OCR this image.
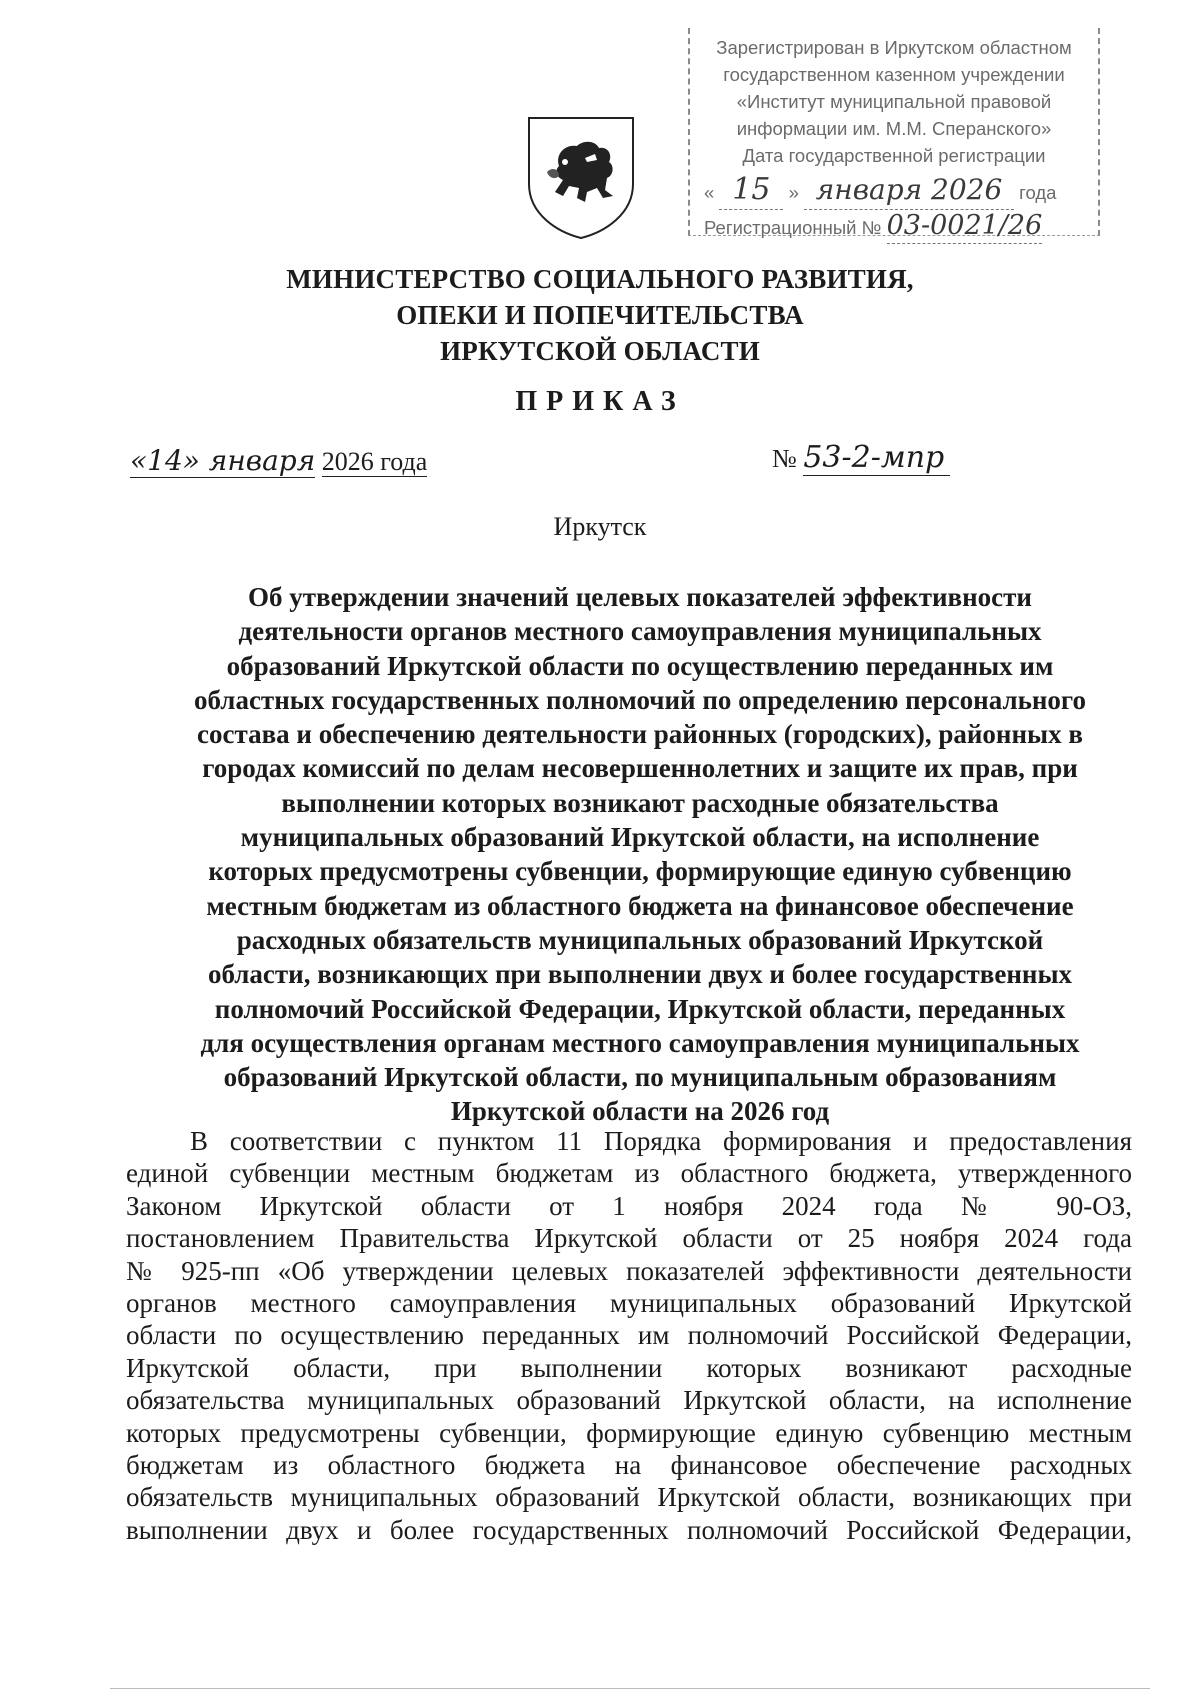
Зарегистрирован в Иркутском областном
государственном казенном учреждении
«Институт муниципальной правовой
информации им. М.М. Сперанского»
Дата государственной регистрации
« 15 » января 2026 года
Регистрационный № 03-0021/26
МИНИСТЕРСТВО СОЦИАЛЬНОГО РАЗВИТИЯ,
ОПЕКИ И ПОПЕЧИТЕЛЬСТВА
ИРКУТСКОЙ ОБЛАСТИ
ПРИКАЗ
«14» января 2026 года	№ 53-2-мпр
Иркутск
Об утверждении значений целевых показателей эффективности
деятельности органов местного самоуправления муниципальных
образований Иркутской области по осуществлению переданных им
областных государственных полномочий по определению персонального
состава и обеспечению деятельности районных (городских), районных в
городах комиссий по делам несовершеннолетних и защите их прав, при
выполнении которых возникают расходные обязательства
муниципальных образований Иркутской области, на исполнение
которых предусмотрены субвенции, формирующие единую субвенцию
местным бюджетам из областного бюджета на финансовое обеспечение
расходных обязательств муниципальных образований Иркутской
области, возникающих при выполнении двух и более государственных
полномочий Российской Федерации, Иркутской области, переданных
для осуществления органам местного самоуправления муниципальных
образований Иркутской области, по муниципальным образованиям
Иркутской области на 2026 год
В соответствии с пунктом 11 Порядка формирования и предоставления
единой субвенции местным бюджетам из областного бюджета, утвержденного
Законом Иркутской области от 1 ноября 2024 года № 90-ОЗ,
постановлением Правительства Иркутской области от 25 ноября 2024 года
№ 925-пп «Об утверждении целевых показателей эффективности деятельности
органов местного самоуправления муниципальных образований Иркутской
области по осуществлению переданных им полномочий Российской Федерации,
Иркутской области, при выполнении которых возникают расходные
обязательства муниципальных образований Иркутской области, на исполнение
которых предусмотрены субвенции, формирующие единую субвенцию местным
бюджетам из областного бюджета на финансовое обеспечение расходных
обязательств муниципальных образований Иркутской области, возникающих при
выполнении двух и более государственных полномочий Российской Федерации,
